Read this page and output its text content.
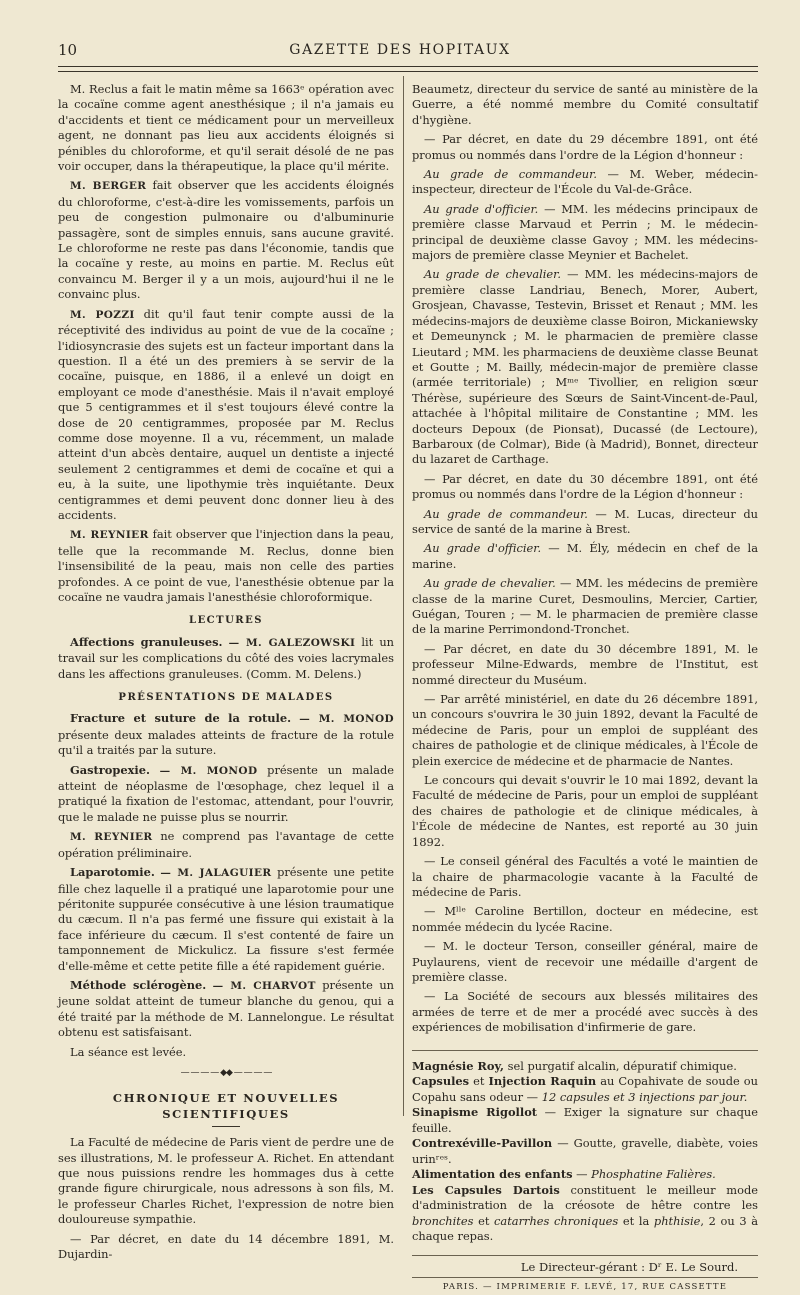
10	GAZETTE DES HOPITAUX

M. Reclus a fait le matin même sa 1663ᵉ opération avec la cocaïne comme agent anesthésique ; il n'a jamais eu d'accidents et tient ce médicament pour un merveilleux agent, ne donnant pas lieu aux accidents éloignés si pénibles du chloroforme, et qu'il serait désolé de ne pas voir occuper, dans la thérapeutique, la place qu'il mérite.

M. BERGER fait observer que les accidents éloignés du chloroforme, c'est-à-dire les vomissements, parfois un peu de congestion pulmonaire ou d'albuminurie passagère, sont de simples ennuis, sans aucune gravité. Le chloroforme ne reste pas dans l'économie, tandis que la cocaïne y reste, au moins en partie. M. Reclus eût convaincu M. Berger il y a un mois, aujourd'hui il ne le convainc plus.

M. POZZI dit qu'il faut tenir compte aussi de la réceptivité des individus au point de vue de la cocaïne ; l'idiosyncrasie des sujets est un facteur important dans la question. Il a été un des premiers à se servir de la cocaïne, puisque, en 1886, il a enlevé un doigt en employant ce mode d'anesthésie. Mais il n'avait employé que 5 centigrammes et il s'est toujours élevé contre la dose de 20 centigrammes, proposée par M. Reclus comme dose moyenne. Il a vu, récemment, un malade atteint d'un abcès dentaire, auquel un dentiste a injecté seulement 2 centigrammes et demi de cocaïne et qui a eu, à la suite, une lipothymie très inquiétante. Deux centigrammes et demi peuvent donc donner lieu à des accidents.

M. REYNIER fait observer que l'injection dans la peau, telle que la recommande M. Reclus, donne bien l'insensibilité de la peau, mais non celle des parties profondes. A ce point de vue, l'anesthésie obtenue par la cocaïne ne vaudra jamais l'anesthésie chloroformique.

LECTURES

Affections granuleuses. — M. GALEZOWSKI lit un travail sur les complications du côté des voies lacrymales dans les affections granuleuses. (Comm. M. Delens.)

PRÉSENTATIONS DE MALADES

Fracture et suture de la rotule. — M. MONOD présente deux malades atteints de fracture de la rotule qu'il a traités par la suture.

Gastropexie. — M. MONOD présente un malade atteint de néoplasme de l'œsophage, chez lequel il a pratiqué la fixation de l'estomac, attendant, pour l'ouvrir, que le malade ne puisse plus se nourrir.

M. REYNIER ne comprend pas l'avantage de cette opération préliminaire.

Laparotomie. — M. JALAGUIER présente une petite fille chez laquelle il a pratiqué une laparotomie pour une péritonite suppurée consécutive à une lésion traumatique du cæcum. Il n'a pas fermé une fissure qui existait à la face inférieure du cæcum. Il s'est contenté de faire un tamponnement de Mickulicz. La fissure s'est fermée d'elle-même et cette petite fille a été rapidement guérie.

Méthode sclérogène. — M. CHARVOT présente un jeune soldat atteint de tumeur blanche du genou, qui a été traité par la méthode de M. Lannelongue. Le résultat obtenu est satisfaisant.

La séance est levée.

— — — — ◆◆ — — — —
CHRONIQUE ET NOUVELLES SCIENTIFIQUES

La Faculté de médecine de Paris vient de perdre une de ses illustrations, M. le professeur A. Richet. En attendant que nous puissions rendre les hommages dus à cette grande figure chirurgicale, nous adressons à son fils, M. le professeur Charles Richet, l'expression de notre bien douloureuse sympathie.

— Par décret, en date du 14 décembre 1891, M. Dujardin-

Beaumetz, directeur du service de santé au ministère de la Guerre, a été nommé membre du Comité consultatif d'hygiène.

— Par décret, en date du 29 décembre 1891, ont été promus ou nommés dans l'ordre de la Légion d'honneur :

Au grade de commandeur. — M. Weber, médecin-inspecteur, directeur de l'École du Val-de-Grâce.

Au grade d'officier. — MM. les médecins principaux de première classe Marvaud et Perrin ; M. le médecin-principal de deuxième classe Gavoy ; MM. les médecins-majors de première classe Meynier et Bachelet.

Au grade de chevalier. — MM. les médecins-majors de première classe Landriau, Benech, Morer, Aubert, Grosjean, Chavasse, Testevin, Brisset et Renaut ; MM. les médecins-majors de deuxième classe Boiron, Mickaniewsky et Demeunynck ; M. le pharmacien de première classe Lieutard ; MM. les pharmaciens de deuxième classe Beunat et Goutte ; M. Bailly, médecin-major de première classe (armée territoriale) ; Mᵐᵉ Tivollier, en religion sœur Thérèse, supérieure des Sœurs de Saint-Vincent-de-Paul, attachée à l'hôpital militaire de Constantine ; MM. les docteurs Depoux (de Pionsat), Ducassé (de Lectoure), Barbaroux (de Colmar), Bide (à Madrid), Bonnet, directeur du lazaret de Carthage.

— Par décret, en date du 30 décembre 1891, ont été promus ou nommés dans l'ordre de la Légion d'honneur :

Au grade de commandeur. — M. Lucas, directeur du service de santé de la marine à Brest.

Au grade d'officier. — M. Ély, médecin en chef de la marine.

Au grade de chevalier. — MM. les médecins de première classe de la marine Curet, Desmoulins, Mercier, Cartier, Guégan, Touren ; — M. le pharmacien de première classe de la marine Perrimondond-Tronchet.

— Par décret, en date du 30 décembre 1891, M. le professeur Milne-Edwards, membre de l'Institut, est nommé directeur du Muséum.

— Par arrêté ministériel, en date du 26 décembre 1891, un concours s'ouvrira le 30 juin 1892, devant la Faculté de médecine de Paris, pour un emploi de suppléant des chaires de pathologie et de clinique médicales, à l'École de plein exercice de médecine et de pharmacie de Nantes.

Le concours qui devait s'ouvrir le 10 mai 1892, devant la Faculté de médecine de Paris, pour un emploi de suppléant des chaires de pathologie et de clinique médicales, à l'École de médecine de Nantes, est reporté au 30 juin 1892.

— Le conseil général des Facultés a voté le maintien de la chaire de pharmacologie vacante à la Faculté de médecine de Paris.

— Mˡˡᵉ Caroline Bertillon, docteur en médecine, est nommée médecin du lycée Racine.

— M. le docteur Terson, conseiller général, maire de Puylaurens, vient de recevoir une médaille d'argent de première classe.

— La Société de secours aux blessés militaires des armées de terre et de mer a procédé avec succès à des expériences de mobilisation d'infirmerie de gare.

Magnésie Roy, sel purgatif alcalin, dépuratif chimique.

Capsules et Injection Raquin au Copahivate de soude ou Copahu sans odeur — 12 capsules et 3 injections par jour.

Sinapisme Rigollot — Exiger la signature sur chaque feuille.

Contrexéville-Pavillon — Goutte, gravelle, diabète, voies urinʳᵉˢ.

Alimentation des enfants — Phosphatine Falières.

Les Capsules Dartois constituent le meilleur mode d'administration de la créosote de hêtre contre les bronchites et catarrhes chroniques et la phthisie, 2 ou 3 à chaque repas.

Le Directeur-gérant : Dʳ E. Le Sourd.
PARIS. — IMPRIMERIE F. LEVÉ, 17, RUE CASSETTE
